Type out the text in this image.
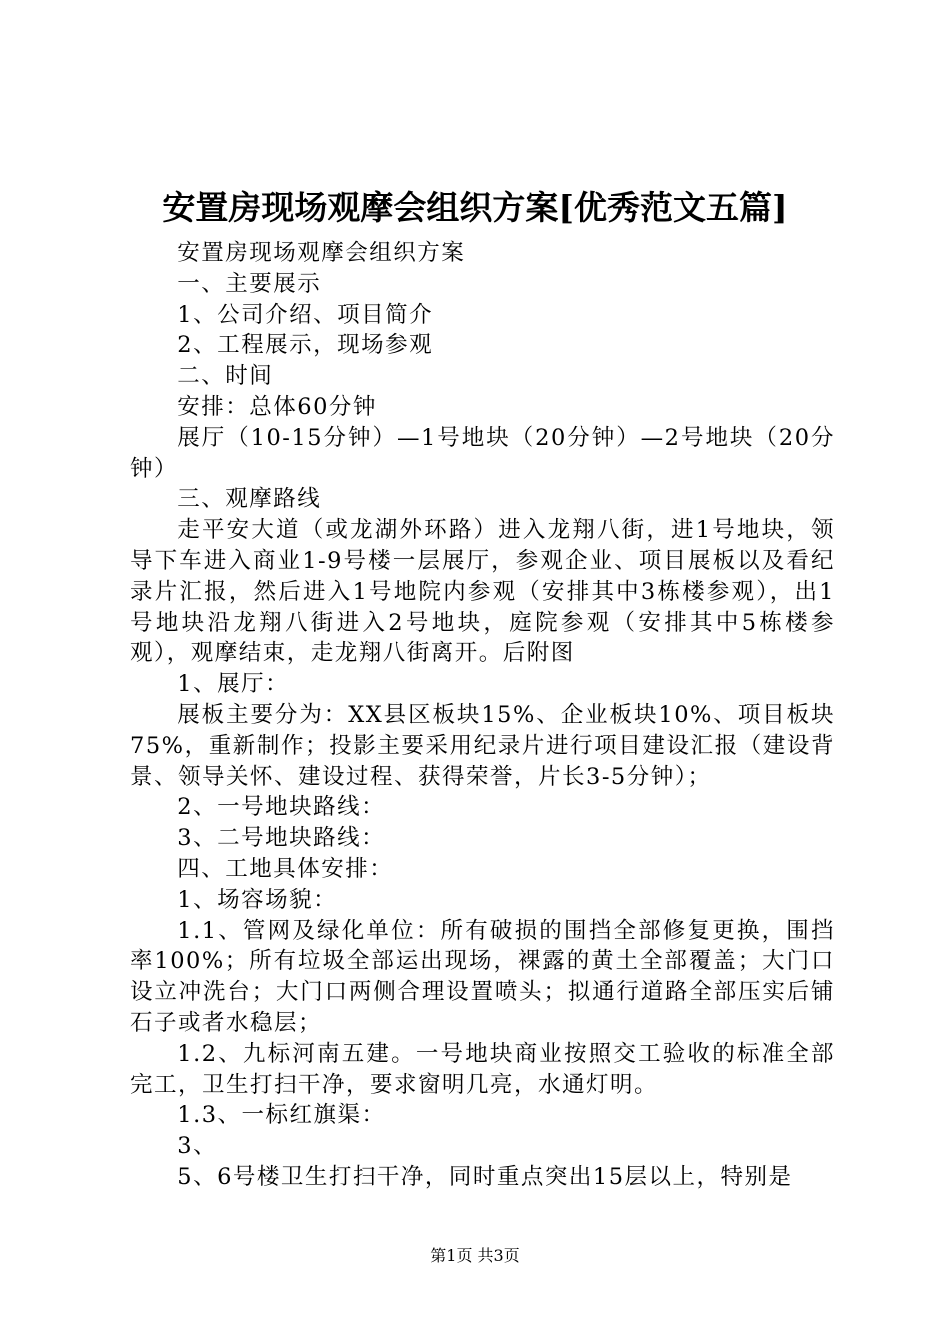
安置房现场观摩会组织方案[优秀范文五篇]

安置房现场观摩会组织方案

一、主要展示

1、公司介绍、项目简介

2、工程展示，现场参观

二、时间

安排：总体60分钟

展厅（10-15分钟）—1号地块（20分钟）—2号地块（20分钟）

三、观摩路线

走平安大道（或龙湖外环路）进入龙翔八街，进1号地块，领导下车进入商业1-9号楼一层展厅，参观企业、项目展板以及看纪录片汇报，然后进入1号地院内参观（安排其中3栋楼参观），出1号地块沿龙翔八街进入2号地块，庭院参观（安排其中5栋楼参观），观摩结束，走龙翔八街离开。后附图

1、展厅：

展板主要分为：XX县区板块15%、企业板块10%、项目板块75%，重新制作；投影主要采用纪录片进行项目建设汇报（建设背景、领导关怀、建设过程、获得荣誉，片长3-5分钟）；

2、一号地块路线：

3、二号地块路线：

四、工地具体安排：

1、场容场貌：

1.1、管网及绿化单位：所有破损的围挡全部修复更换，围挡率100%；所有垃圾全部运出现场，裸露的黄土全部覆盖；大门口设立冲洗台；大门口两侧合理设置喷头；拟通行道路全部压实后铺石子或者水稳层；

1.2、九标河南五建。一号地块商业按照交工验收的标准全部完工，卫生打扫干净，要求窗明几亮，水通灯明。

1.3、一标红旗渠：

3、

5、6号楼卫生打扫干净，同时重点突出15层以上，特别是

第1页 共3页
